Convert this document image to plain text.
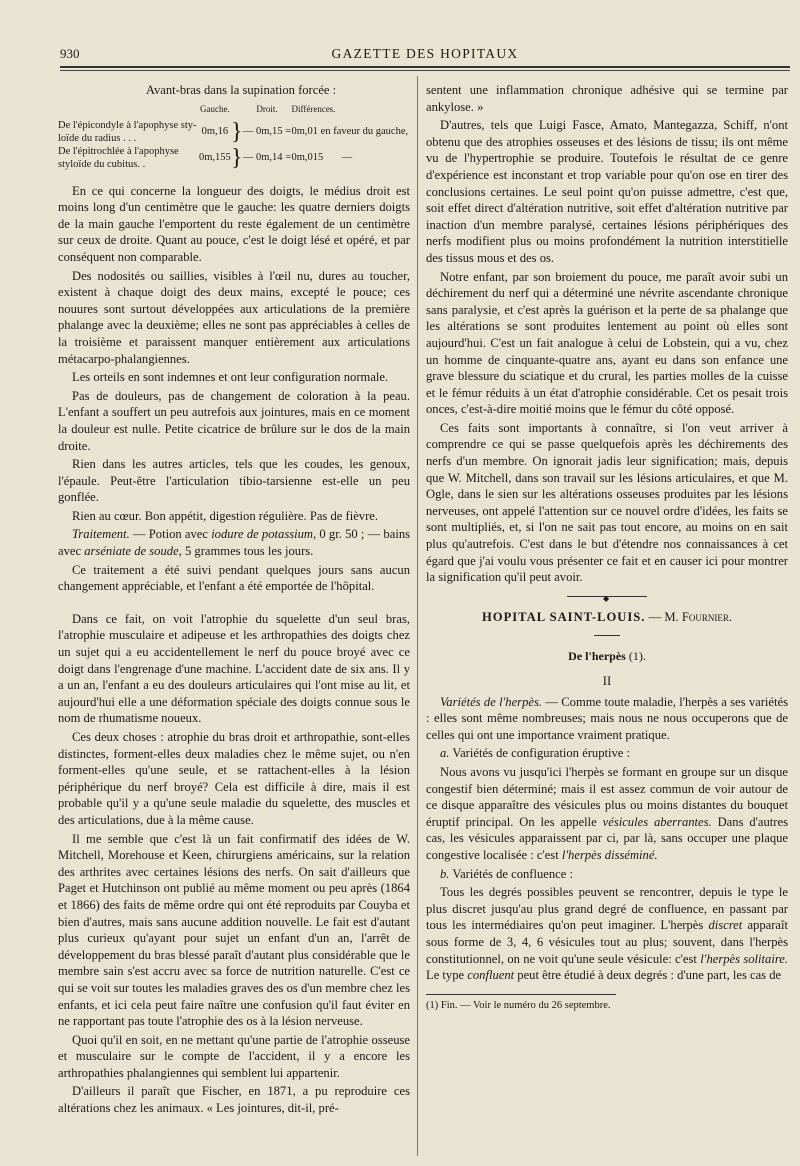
930	GAZETTE DES HOPITAUX

Avant-bras dans la supination forcée :

	Gauche.		Droit.	Différences.
De l'épicondyle à l'apophyse sty-
loïde du radius . . .	0m,16	}	— 0m,15 =	0m,01 en faveur du gauche,
De l'épitrochlée à l'apophyse
styloïde du cubitus. .	0m,155	}	— 0m,14 =	0m,015 —

En ce qui concerne la longueur des doigts, le médius droit est moins long d'un centimètre que le gauche: les quatre derniers doigts de la main gauche l'emportent du reste également de un centimètre sur ceux de droite. Quant au pouce, c'est le doigt lésé et opéré, et par conséquent non comparable.

Des nodosités ou saillies, visibles à l'œil nu, dures au toucher, existent à chaque doigt des deux mains, excepté le pouce; ces nouures sont surtout développées aux articulations de la première phalange avec la deuxième; elles ne sont pas appréciables à celles de la troisième et paraissent manquer entièrement aux articulations métacarpo-phalangiennes.

Les orteils en sont indemnes et ont leur configuration normale.

Pas de douleurs, pas de changement de coloration à la peau. L'enfant a souffert un peu autrefois aux jointures, mais en ce moment la douleur est nulle. Petite cicatrice de brûlure sur le dos de la main droite.

Rien dans les autres articles, tels que les coudes, les genoux, l'épaule. Peut-être l'articulation tibio-tarsienne est-elle un peu gonflée.

Rien au cœur. Bon appétit, digestion régulière. Pas de fièvre.

Traitement. — Potion avec iodure de potassium, 0 gr. 50 ; — bains avec arséniate de soude, 5 grammes tous les jours.

Ce traitement a été suivi pendant quelques jours sans aucun changement appréciable, et l'enfant a été emportée de l'hôpital.

Dans ce fait, on voit l'atrophie du squelette d'un seul bras, l'atrophie musculaire et adipeuse et les arthropathies des doigts chez un sujet qui a eu accidentellement le nerf du pouce broyé avec ce doigt dans l'engrenage d'une machine. L'accident date de six ans. Il y a un an, l'enfant a eu des douleurs articulaires qui l'ont mise au lit, et aujourd'hui elle a une déformation spéciale des doigts connue sous le nom de rhumatisme noueux.

Ces deux choses : atrophie du bras droit et arthropathie, sont-elles distinctes, forment-elles deux maladies chez le même sujet, ou n'en forment-elles qu'une seule, et se rattachent-elles à la lésion périphérique du nerf broyé? Cela est difficile à dire, mais il est probable qu'il y a qu'une seule maladie du squelette, des muscles et des articulations, due à la même cause.

Il me semble que c'est là un fait confirmatif des idées de W. Mitchell, Morehouse et Keen, chirurgiens américains, sur la relation des arthrites avec certaines lésions des nerfs. On sait d'ailleurs que Paget et Hutchinson ont publié au même moment ou peu après (1864 et 1866) des faits de même ordre qui ont été reproduits par Couyba et bien d'autres, mais sans aucune addition nouvelle. Le fait est d'autant plus curieux qu'ayant pour sujet un enfant d'un an, l'arrêt de développement du bras blessé paraît d'autant plus considérable que le membre sain s'est accru avec sa force de nutrition naturelle. C'est ce qui se voit sur toutes les maladies graves des os d'un membre chez les enfants, et ici cela peut faire naître une confusion qu'il faut éviter en ne rapportant pas toute l'atrophie des os à la lésion nerveuse.

Quoi qu'il en soit, en ne mettant qu'une partie de l'atrophie osseuse et musculaire sur le compte de l'accident, il y a encore les arthropathies phalangiennes qui semblent lui appartenir.

D'ailleurs il paraît que Fischer, en 1871, a pu reproduire ces altérations chez les animaux. « Les jointures, dit-il, pré-

sentent une inflammation chronique adhésive qui se termine par ankylose. »

D'autres, tels que Luigi Fasce, Amato, Mantegazza, Schiff, n'ont obtenu que des atrophies osseuses et des lésions de tissu; ils ont même vu de l'hypertrophie se produire. Toutefois le résultat de ce genre d'expérience est inconstant et trop variable pour qu'on ose en tirer des conclusions certaines. Le seul point qu'on puisse admettre, c'est que, soit effet direct d'altération nutritive, soit effet d'altération nutritive par inaction d'un membre paralysé, certaines lésions périphériques des nerfs modifient plus ou moins profondément la nutrition interstitielle des tissus mous et des os.

Notre enfant, par son broiement du pouce, me paraît avoir subi un déchirement du nerf qui a déterminé une névrite ascendante chronique sans paralysie, et c'est après la guérison et la perte de sa phalange que les altérations se sont produites lentement au point où elles sont aujourd'hui. C'est un fait analogue à celui de Lobstein, qui a vu, chez un homme de cinquante-quatre ans, ayant eu dans son enfance une grave blessure du sciatique et du crural, les parties molles de la cuisse et le fémur réduits à un état d'atrophie considérable. Cet os pesait trois onces, c'est-à-dire moitié moins que le fémur du côté opposé.

Ces faits sont importants à connaître, si l'on veut arriver à comprendre ce qui se passe quelquefois après les déchirements des nerfs d'un membre. On ignorait jadis leur signification; mais, depuis que W. Mitchell, dans son travail sur les lésions articulaires, et que M. Ogle, dans le sien sur les altérations osseuses produites par les lésions nerveuses, ont appelé l'attention sur ce nouvel ordre d'idées, les faits se sont multipliés, et, si l'on ne sait pas tout encore, au moins on en sait plus qu'autrefois. C'est dans le but d'étendre nos connaissances à cet égard que j'ai voulu vous présenter ce fait et en causer ici pour montrer la signification qu'il peut avoir.

◆
HOPITAL SAINT-LOUIS. — M. Fournier.
De l'herpès (1).
II

Variétés de l'herpès. — Comme toute maladie, l'herpès a ses variétés : elles sont même nombreuses; mais nous ne nous occuperons que de celles qui ont une importance vraiment pratique.

a. Variétés de configuration éruptive :

Nous avons vu jusqu'ici l'herpès se formant en groupe sur un disque congestif bien déterminé; mais il est assez commun de voir autour de ce disque apparaître des vésicules plus ou moins distantes du bouquet éruptif principal. On les appelle vésicules aberrantes. Dans d'autres cas, les vésicules apparaissent par ci, par là, sans occuper une plaque congestive localisée : c'est l'herpès disséminé.

b. Variétés de confluence :

Tous les degrés possibles peuvent se rencontrer, depuis le type le plus discret jusqu'au plus grand degré de confluence, en passant par tous les intermédiaires qu'on peut imaginer. L'herpès discret apparaît sous forme de 3, 4, 6 vésicules tout au plus; souvent, dans l'herpès constitutionnel, on ne voit qu'une seule vésicule: c'est l'herpès solitaire. Le type confluent peut être étudié à deux degrés : d'une part, les cas de

(1) Fin. — Voir le numéro du 26 septembre.
